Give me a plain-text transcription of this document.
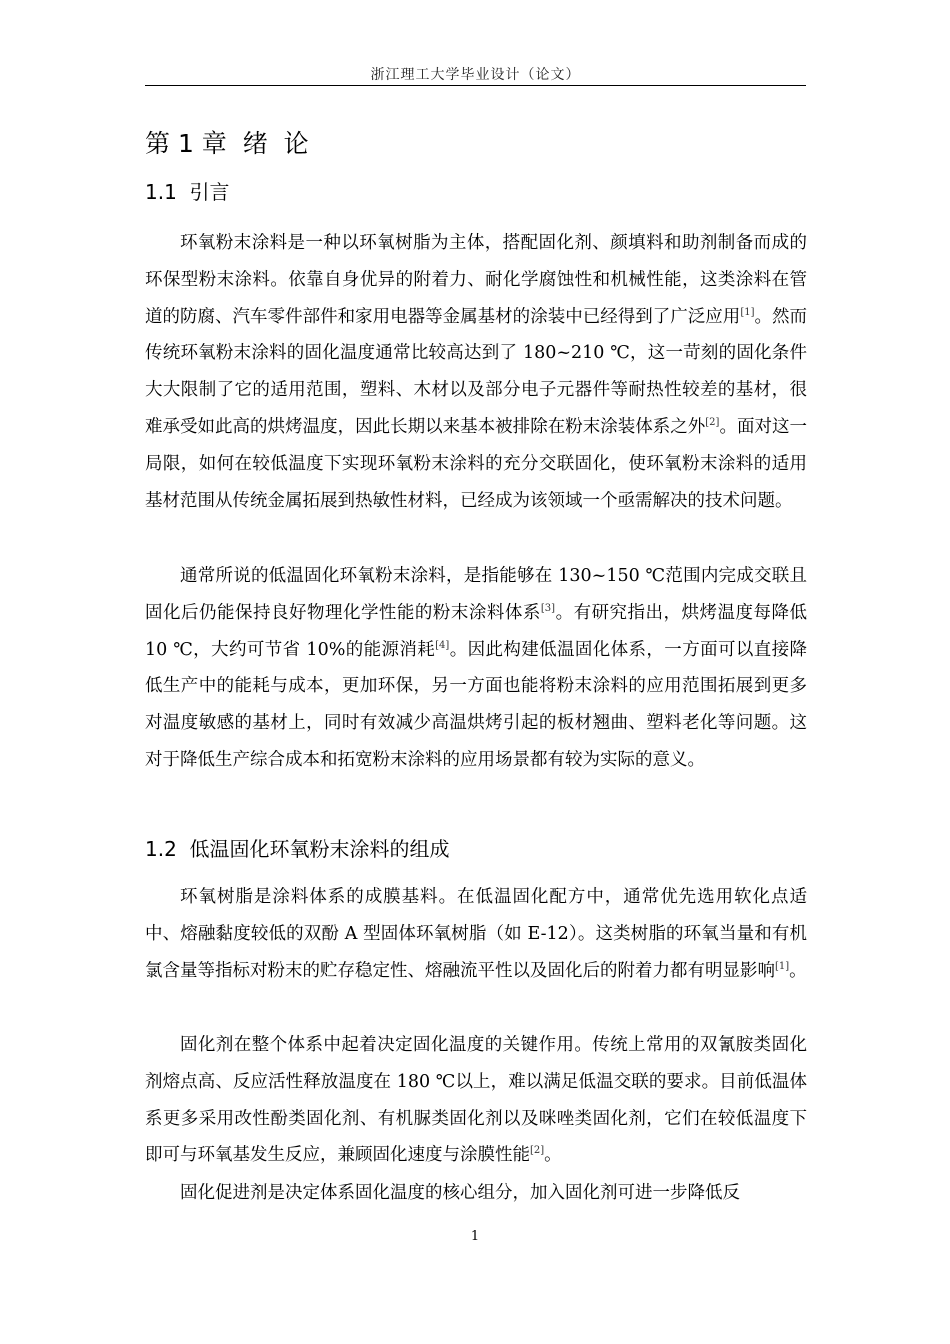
浙江理工大学毕业设计（论文）
第 1 章  绪  论
1.1 引言

环氧粉末涂料是一种以环氧树脂为主体，搭配固化剂、颜填料和助剂制备而成的环保型粉末涂料。依靠自身优异的附着力、耐化学腐蚀性和机械性能，这类涂料在管道的防腐、汽车零件部件和家用电器等金属基材的涂装中已经得到了广泛应用[1]。然而传统环氧粉末涂料的固化温度通常比较高达到了 180~210 ℃，这一苛刻的固化条件大大限制了它的适用范围，塑料、木材以及部分电子元器件等耐热性较差的基材，很难承受如此高的烘烤温度，因此长期以来基本被排除在粉末涂装体系之外[2]。面对这一局限，如何在较低温度下实现环氧粉末涂料的充分交联固化，使环氧粉末涂料的适用基材范围从传统金属拓展到热敏性材料，已经成为该领域一个亟需解决的技术问题。

通常所说的低温固化环氧粉末涂料，是指能够在 130~150 ℃范围内完成交联且固化后仍能保持良好物理化学性能的粉末涂料体系[3]。有研究指出，烘烤温度每降低 10 ℃，大约可节省 10%的能源消耗[4]。因此构建低温固化体系，一方面可以直接降低生产中的能耗与成本，更加环保，另一方面也能将粉末涂料的应用范围拓展到更多对温度敏感的基材上，同时有效减少高温烘烤引起的板材翘曲、塑料老化等问题。这对于降低生产综合成本和拓宽粉末涂料的应用场景都有较为实际的意义。

1.2 低温固化环氧粉末涂料的组成

环氧树脂是涂料体系的成膜基料。在低温固化配方中，通常优先选用软化点适中、熔融黏度较低的双酚 A 型固体环氧树脂（如 E-12）。这类树脂的环氧当量和有机氯含量等指标对粉末的贮存稳定性、熔融流平性以及固化后的附着力都有明显影响[1]。

固化剂在整个体系中起着决定固化温度的关键作用。传统上常用的双氰胺类固化剂熔点高、反应活性释放温度在 180 ℃以上，难以满足低温交联的要求。目前低温体系更多采用改性酚类固化剂、有机脲类固化剂以及咪唑类固化剂，它们在较低温度下即可与环氧基发生反应，兼顾固化速度与涂膜性能[2]。

固化促进剂是决定体系固化温度的核心组分，加入固化剂可进一步降低反

1
